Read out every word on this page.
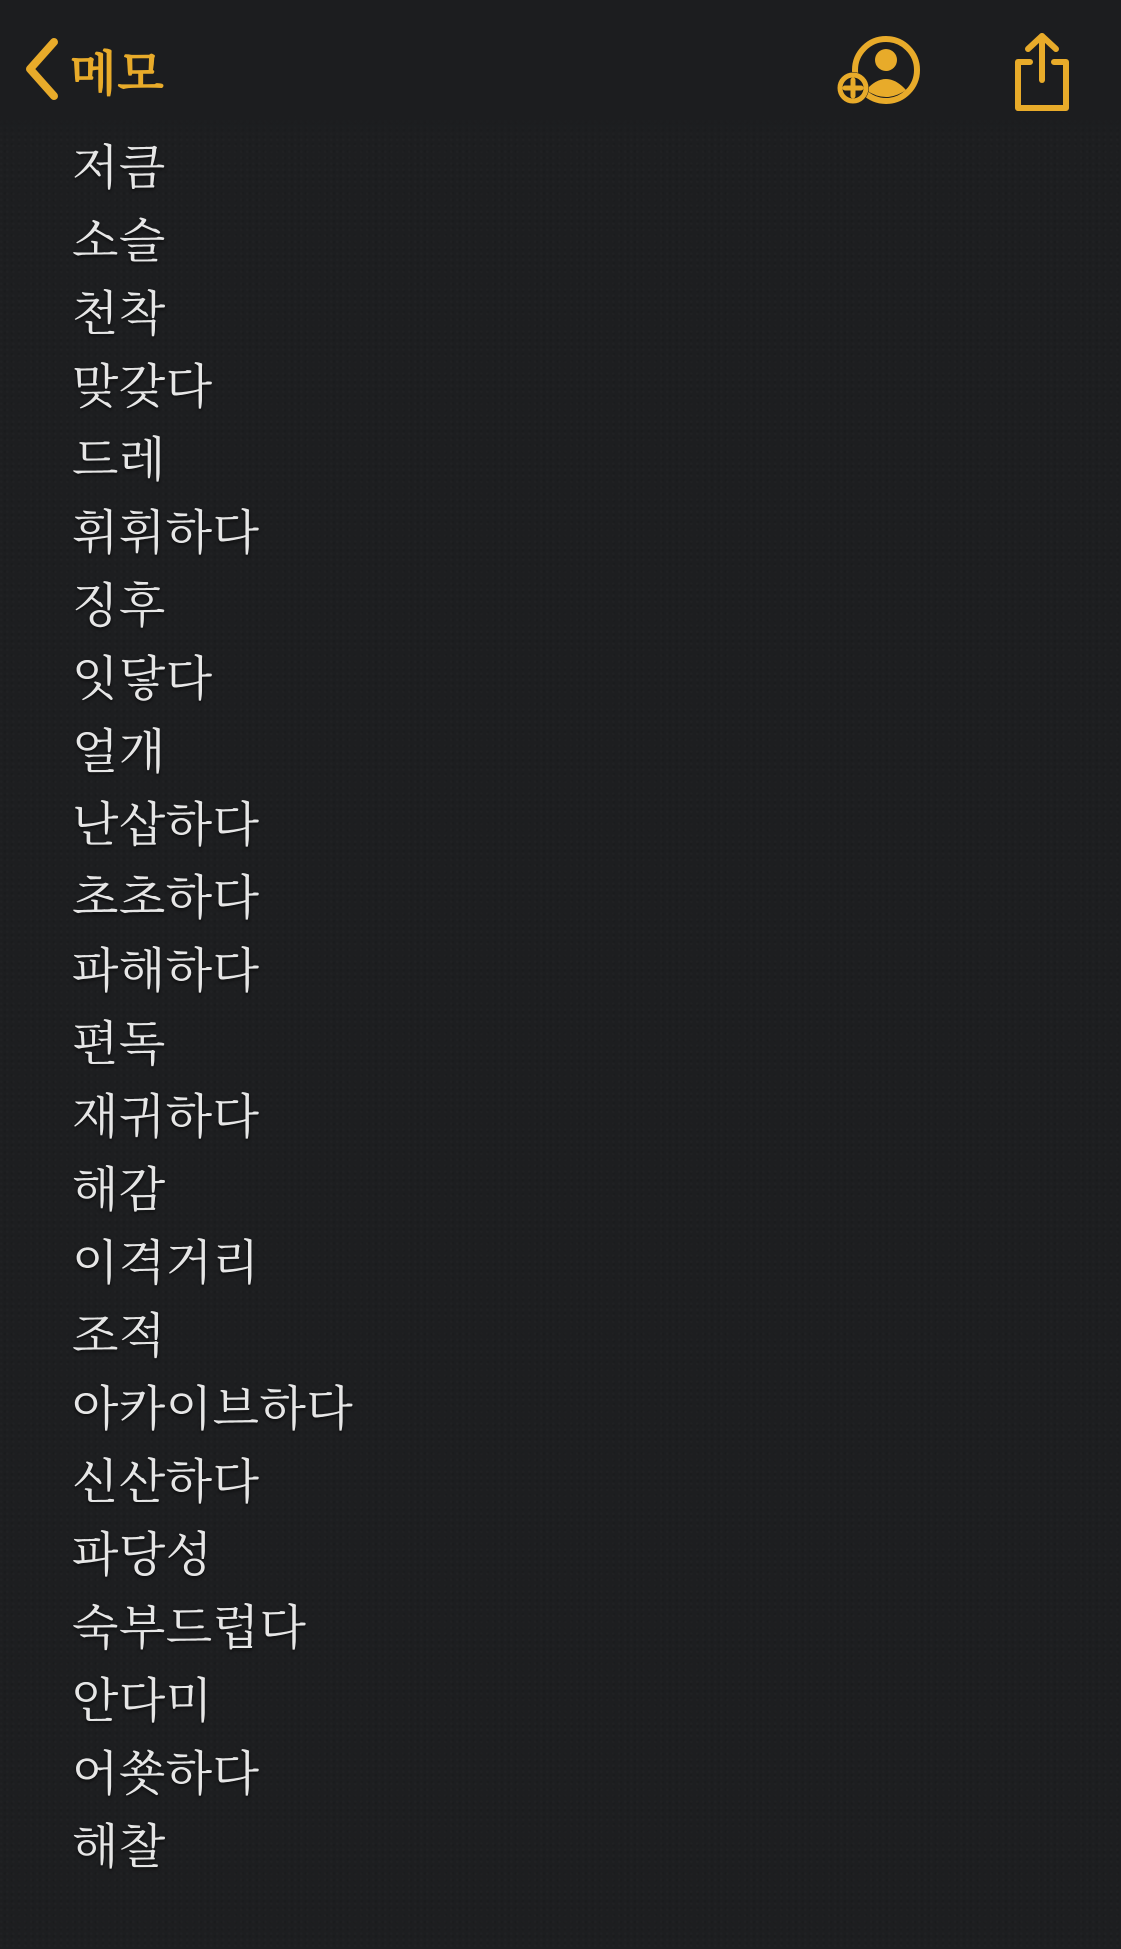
메모
저큼
소슬
천착
맞갖다
드레
휘휘하다
징후
잇닿다
얼개
난삽하다
초초하다
파해하다
편독
재귀하다
해감
이격거리
조적
아카이브하다
신산하다
파당성
숙부드럽다
안다미
어쑛하다
해찰
